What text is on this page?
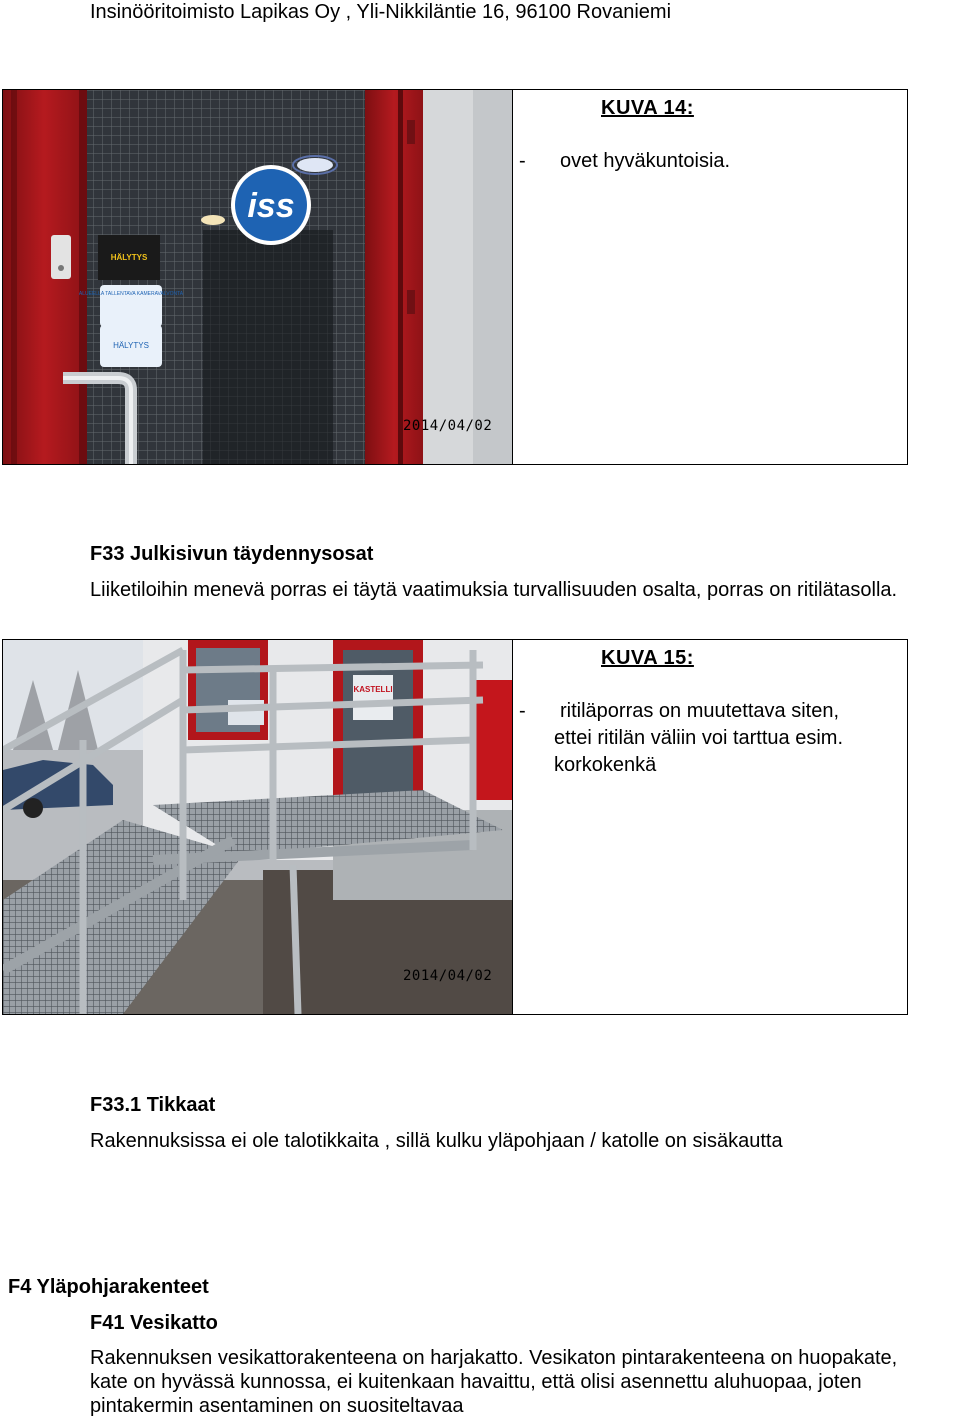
Insinööritoimisto Lapikas Oy , Yli-Nikkiläntie 16, 96100 Rovaniemi
iss
HÄLYTYS
ALUEELLA TALLENTAVA KAMERAVALVONTA
HÄLYTYS
2014/04/02
KUVA 14:
- ovet hyväkuntoisia.
F33 Julkisivun täydennysosat
Liiketiloihin menevä porras ei täytä vaatimuksia turvallisuuden osalta, porras on ritilätasolla.
KASTELLI
2014/04/02
KUVA 15:
-	ritiläporras on muutettava siten,
ettei ritilän väliin voi tarttua esim.
korkokenkä
F33.1 Tikkaat
Rakennuksissa ei ole talotikkaita , sillä kulku yläpohjaan / katolle on sisäkautta
F4 Yläpohjarakenteet
F41 Vesikatto
Rakennuksen vesikattorakenteena on harjakatto. Vesikaton pintarakenteena on huopakate,
kate on hyvässä kunnossa, ei kuitenkaan havaittu, että olisi asennettu aluhuopaa, joten
pintakermin asentaminen on suositeltavaa
